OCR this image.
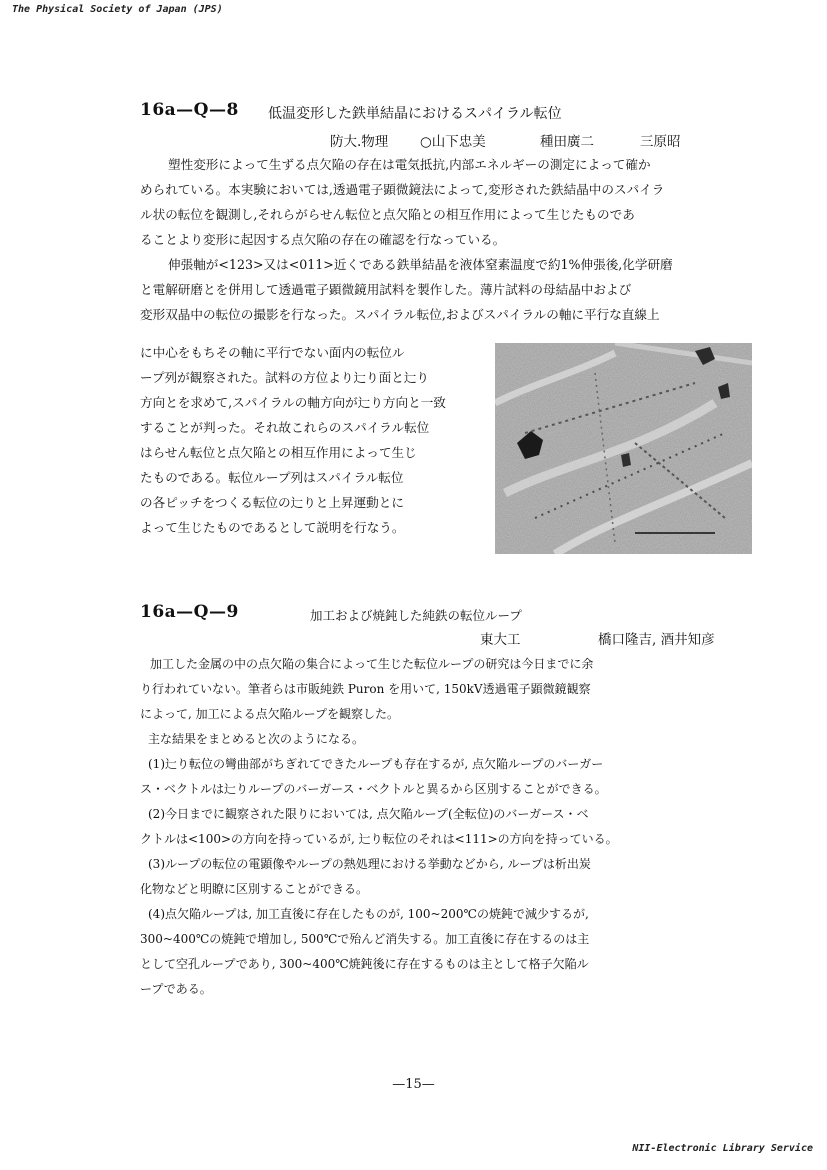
The Physical Society of Japan (JPS)
16a—Q—8 低温変形した鉄単結晶におけるスパイラル転位
防大.物理 ○山下忠美	種田廣二	三原昭
塑性変形によって生ずる点欠陥の存在は電気抵抗,内部エネルギーの測定によって確か
められている。本実験においては,透過電子顕微鏡法によって,変形された鉄結晶中のスパイラ
ル状の転位を観測し,それらがらせん転位と点欠陥との相互作用によって生じたものであ
ることより変形に起因する点欠陥の存在の確認を行なっている。
伸張軸が<123>又は<011>近くである鉄単結晶を液体窒素温度で約1%伸張後,化学研磨
と電解研磨とを併用して透過電子顕微鏡用試料を製作した。薄片試料の母結晶中および
変形双晶中の転位の撮影を行なった。スパイラル転位,およびスパイラルの軸に平行な直線上
に中心をもちその軸に平行でない面内の転位ル
ープ列が観察された。試料の方位より辷り面と辷り
方向とを求めて,スパイラルの軸方向が辷り方向と一致
することが判った。それ故これらのスパイラル転位
はらせん転位と点欠陥との相互作用によって生じ
たものである。転位ループ列はスパイラル転位
の各ピッチをつくる転位の辷りと上昇運動とに
よって生じたものであるとして説明を行なう。
16a—Q—9	加工および焼鈍した純鉄の転位ループ
東大工	橋口隆吉, 酒井知彦
加工した金属の中の点欠陥の集合によって生じた転位ループの研究は今日までに余
り行われていない。筆者らは市販純鉄 Puron を用いて, 150kV透過電子顕微鏡観察
によって, 加工による点欠陥ループを観察した。
主な結果をまとめると次のようになる。
(1)辷り転位の彎曲部がちぎれてできたループも存在するが, 点欠陥ループのバーガー
ス・ベクトルは辷りループのバーガース・ベクトルと異るから区別することができる。
(2)今日までに観察された限りにおいては, 点欠陥ループ(全転位)のバーガース・ベ
クトルは<100>の方向を持っているが, 辷り転位のそれは<111>の方向を持っている。
(3)ループの転位の電顕像やループの熱処理における挙動などから, ループは析出炭
化物などと明瞭に区別することができる。
(4)点欠陥ループは, 加工直後に存在したものが, 100~200℃の焼鈍で減少するが,
300~400℃の焼鈍で増加し, 500℃で殆んど消失する。加工直後に存在するのは主
として空孔ループであり, 300~400℃焼鈍後に存在するものは主として格子欠陥ル
ープである。
—15—
NII-Electronic Library Service
